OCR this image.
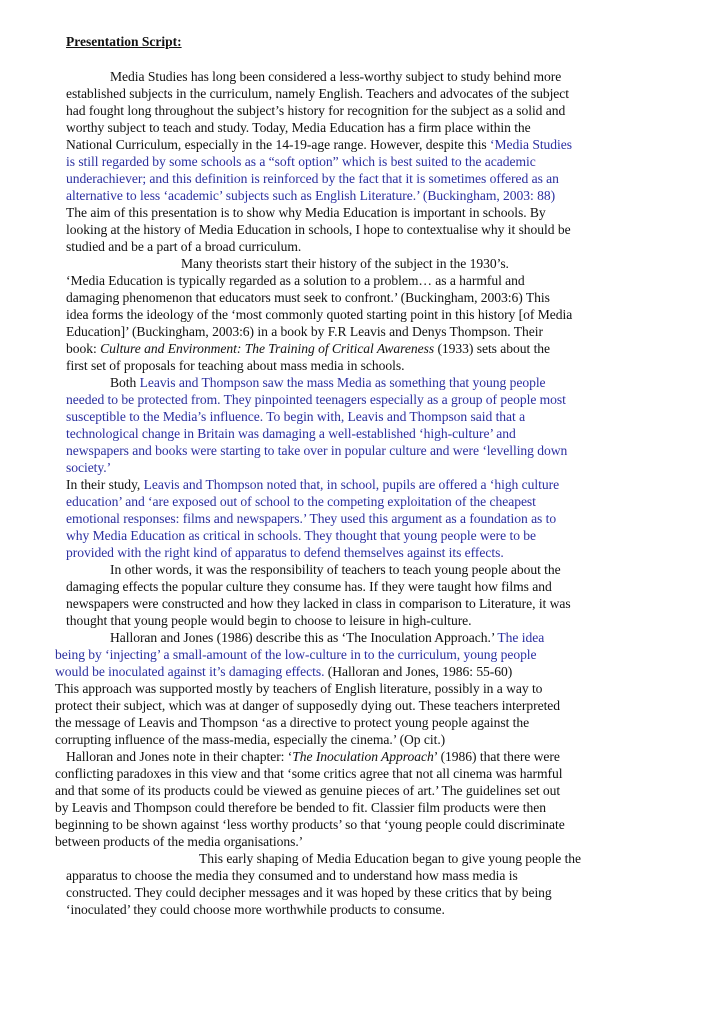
Presentation Script:
Media Studies has long been considered a less-worthy subject to study behind more
established subjects in the curriculum, namely English. Teachers and advocates of the subject
had fought long throughout the subject’s history for recognition for the subject as a solid and
worthy subject to teach and study. Today, Media Education has a firm place within the
National Curriculum, especially in the 14-19-age range. However, despite this ‘Media Studies
is still regarded by some schools as a “soft option” which is best suited to the academic
underachiever; and this definition is reinforced by the fact that it is sometimes offered as an
alternative to less ‘academic’ subjects such as English Literature.’ (Buckingham, 2003: 88)
The aim of this presentation is to show why Media Education is important in schools. By
looking at the history of Media Education in schools, I hope to contextualise why it should be
studied and be a part of a broad curriculum.
Many theorists start their history of the subject in the 1930’s.
‘Media Education is typically regarded as a solution to a problem… as a harmful and
damaging phenomenon that educators must seek to confront.’ (Buckingham, 2003:6) This
idea forms the ideology of the ‘most commonly quoted starting point in this history [of Media
Education]’ (Buckingham, 2003:6) in a book by F.R Leavis and Denys Thompson. Their
book: Culture and Environment: The Training of Critical Awareness (1933) sets about the
first set of proposals for teaching about mass media in schools.
Both Leavis and Thompson saw the mass Media as something that young people
needed to be protected from. They pinpointed teenagers especially as a group of people most
susceptible to the Media’s influence. To begin with, Leavis and Thompson said that a
technological change in Britain was damaging a well-established ‘high-culture’ and
newspapers and books were starting to take over in popular culture and were ‘levelling down
society.’
In their study, Leavis and Thompson noted that, in school, pupils are offered a ‘high culture
education’ and ‘are exposed out of school to the competing exploitation of the cheapest
emotional responses: films and newspapers.’ They used this argument as a foundation as to
why Media Education as critical in schools. They thought that young people were to be
provided with the right kind of apparatus to defend themselves against its effects.
In other words, it was the responsibility of teachers to teach young people about the
damaging effects the popular culture they consume has. If they were taught how films and
newspapers were constructed and how they lacked in class in comparison to Literature, it was
thought that young people would begin to choose to leisure in high-culture.
Halloran and Jones (1986) describe this as ‘The Inoculation Approach.’ The idea
being by ‘injecting’ a small-amount of the low-culture in to the curriculum, young people
would be inoculated against it’s damaging effects. (Halloran and Jones, 1986: 55-60)
This approach was supported mostly by teachers of English literature, possibly in a way to
protect their subject, which was at danger of supposedly dying out. These teachers interpreted
the message of Leavis and Thompson ‘as a directive to protect young people against the
corrupting influence of the mass-media, especially the cinema.’ (Op cit.)
Halloran and Jones note in their chapter: ‘The Inoculation Approach’ (1986) that there were
conflicting paradoxes in this view and that ‘some critics agree that not all cinema was harmful
and that some of its products could be viewed as genuine pieces of art.’ The guidelines set out
by Leavis and Thompson could therefore be bended to fit. Classier film products were then
beginning to be shown against ‘less worthy products’ so that ‘young people could discriminate
between products of the media organisations.’
This early shaping of Media Education began to give young people the
apparatus to choose the media they consumed and to understand how mass media is
constructed. They could decipher messages and it was hoped by these critics that by being
‘inoculated’ they could choose more worthwhile products to consume.
